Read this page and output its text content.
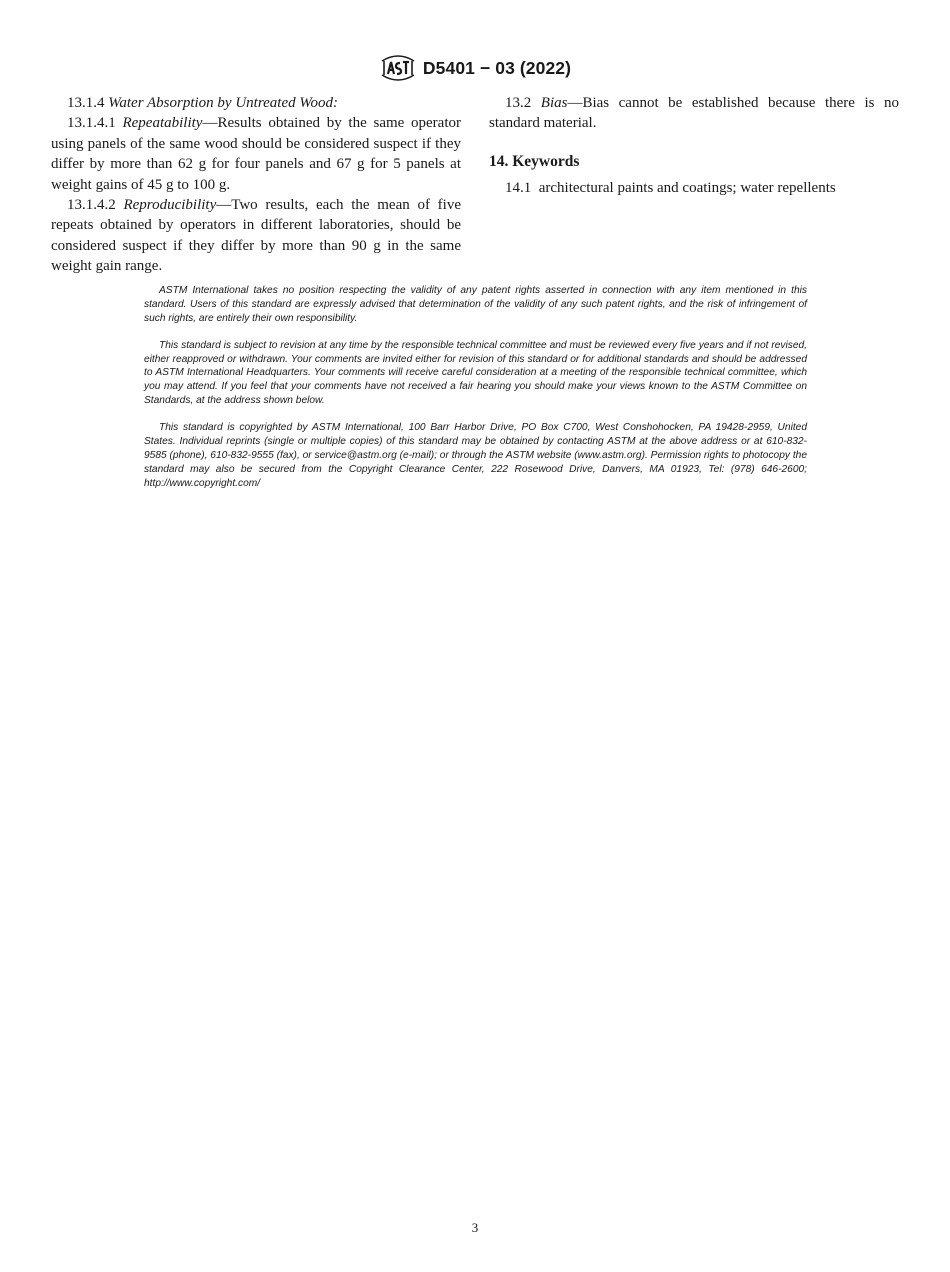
D5401 − 03 (2022)

13.1.4 Water Absorption by Untreated Wood:

13.1.4.1 Repeatability—Results obtained by the same operator using panels of the same wood should be considered suspect if they differ by more than 62 g for four panels and 67 g for 5 panels at weight gains of 45 g to 100 g.

13.1.4.2 Reproducibility—Two results, each the mean of five repeats obtained by operators in different laboratories, should be considered suspect if they differ by more than 90 g in the same weight gain range.

13.2 Bias—Bias cannot be established because there is no standard material.

14. Keywords

14.1 architectural paints and coatings; water repellents

ASTM International takes no position respecting the validity of any patent rights asserted in connection with any item mentioned in this standard. Users of this standard are expressly advised that determination of the validity of any such patent rights, and the risk of infringement of such rights, are entirely their own responsibility.

This standard is subject to revision at any time by the responsible technical committee and must be reviewed every five years and if not revised, either reapproved or withdrawn. Your comments are invited either for revision of this standard or for additional standards and should be addressed to ASTM International Headquarters. Your comments will receive careful consideration at a meeting of the responsible technical committee, which you may attend. If you feel that your comments have not received a fair hearing you should make your views known to the ASTM Committee on Standards, at the address shown below.

This standard is copyrighted by ASTM International, 100 Barr Harbor Drive, PO Box C700, West Conshohocken, PA 19428-2959, United States. Individual reprints (single or multiple copies) of this standard may be obtained by contacting ASTM at the above address or at 610-832-9585 (phone), 610-832-9555 (fax), or service@astm.org (e-mail); or through the ASTM website (www.astm.org). Permission rights to photocopy the standard may also be secured from the Copyright Clearance Center, 222 Rosewood Drive, Danvers, MA 01923, Tel: (978) 646-2600; http://www.copyright.com/

3
